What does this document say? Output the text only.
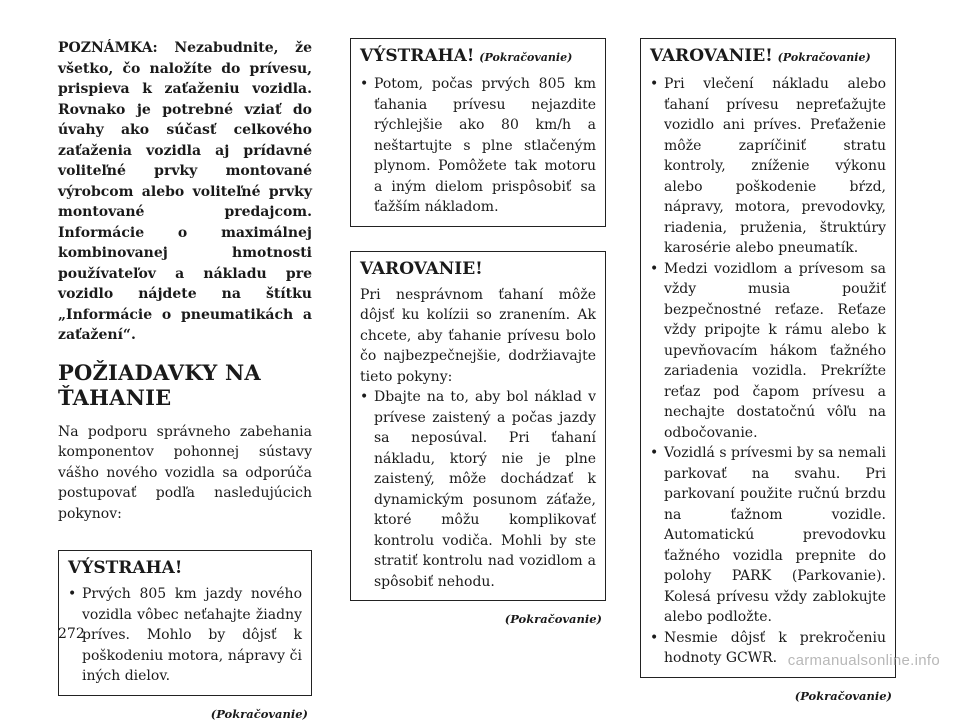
POZNÁMKA: Nezabudnite, že všetko, čo naložíte do prívesu, prispieva k zaťaženiu vozidla. Rovnako je potrebné vziať do úvahy ako súčasť celkového zaťaženia vozidla aj prídavné voliteľné prvky montované výrobcom alebo voliteľné prvky montované predajcom. Informácie o maximálnej kombinovanej hmotnosti používateľov a nákladu pre vozidlo nájdete na štítku „Informácie o pneumatikách a zaťažení“.

POŽIADAVKY NA ŤAHANIE

Na podporu správneho zabehania komponentov pohonnej sústavy vášho nového vozidla sa odporúča postupovať podľa nasledujúcich pokynov:

VÝSTRAHA!
• Prvých 805 km jazdy nového vozidla vôbec neťahajte žiadny príves. Mohlo by dôjsť k poškodeniu motora, nápravy či iných dielov.
(Pokračovanie)
VÝSTRAHA! (Pokračovanie)
• Potom, počas prvých 805 km ťahania prívesu nejazdite rýchlejšie ako 80 km/h a neštartujte s plne stlačeným plynom. Pomôžete tak motoru a iným dielom prispôsobiť sa ťažším nákladom.
VAROVANIE!

Pri nesprávnom ťahaní môže dôjsť ku kolízii so zranením. Ak chcete, aby ťahanie prívesu bolo čo najbezpečnejšie, dodržiavajte tieto pokyny:

• Dbajte na to, aby bol náklad v prívese zaistený a počas jazdy sa neposúval. Pri ťahaní nákladu, ktorý nie je plne zaistený, môže dochádzať k dynamickým posunom záťaže, ktoré môžu komplikovať kontrolu vodiča. Mohli by ste stratiť kontrolu nad vozidlom a spôsobiť nehodu.
(Pokračovanie)
VAROVANIE! (Pokračovanie)
• Pri vlečení nákladu alebo ťahaní prívesu nepreťažujte vozidlo ani príves. Preťaženie môže zapríčiniť stratu kontroly, zníženie výkonu alebo poškodenie bŕzd, nápravy, motora, prevodovky, riadenia, pruženia, štruktúry karosérie alebo pneumatík.
• Medzi vozidlom a prívesom sa vždy musia použiť bezpečnostné reťaze. Reťaze vždy pripojte k rámu alebo k upevňovacím hákom ťažného zariadenia vozidla. Prekrížte reťaz pod čapom prívesu a nechajte dostatočnú vôľu na odbočovanie.
• Vozidlá s prívesmi by sa nemali parkovať na svahu. Pri parkovaní použite ručnú brzdu na ťažnom vozidle. Automatickú prevodovku ťažného vozidla prepnite do polohy PARK (Parkovanie). Kolesá prívesu vždy zablokujte alebo podložte.
• Nesmie dôjsť k prekročeniu hodnoty GCWR.
(Pokračovanie)
272
carmanualsonline.info
